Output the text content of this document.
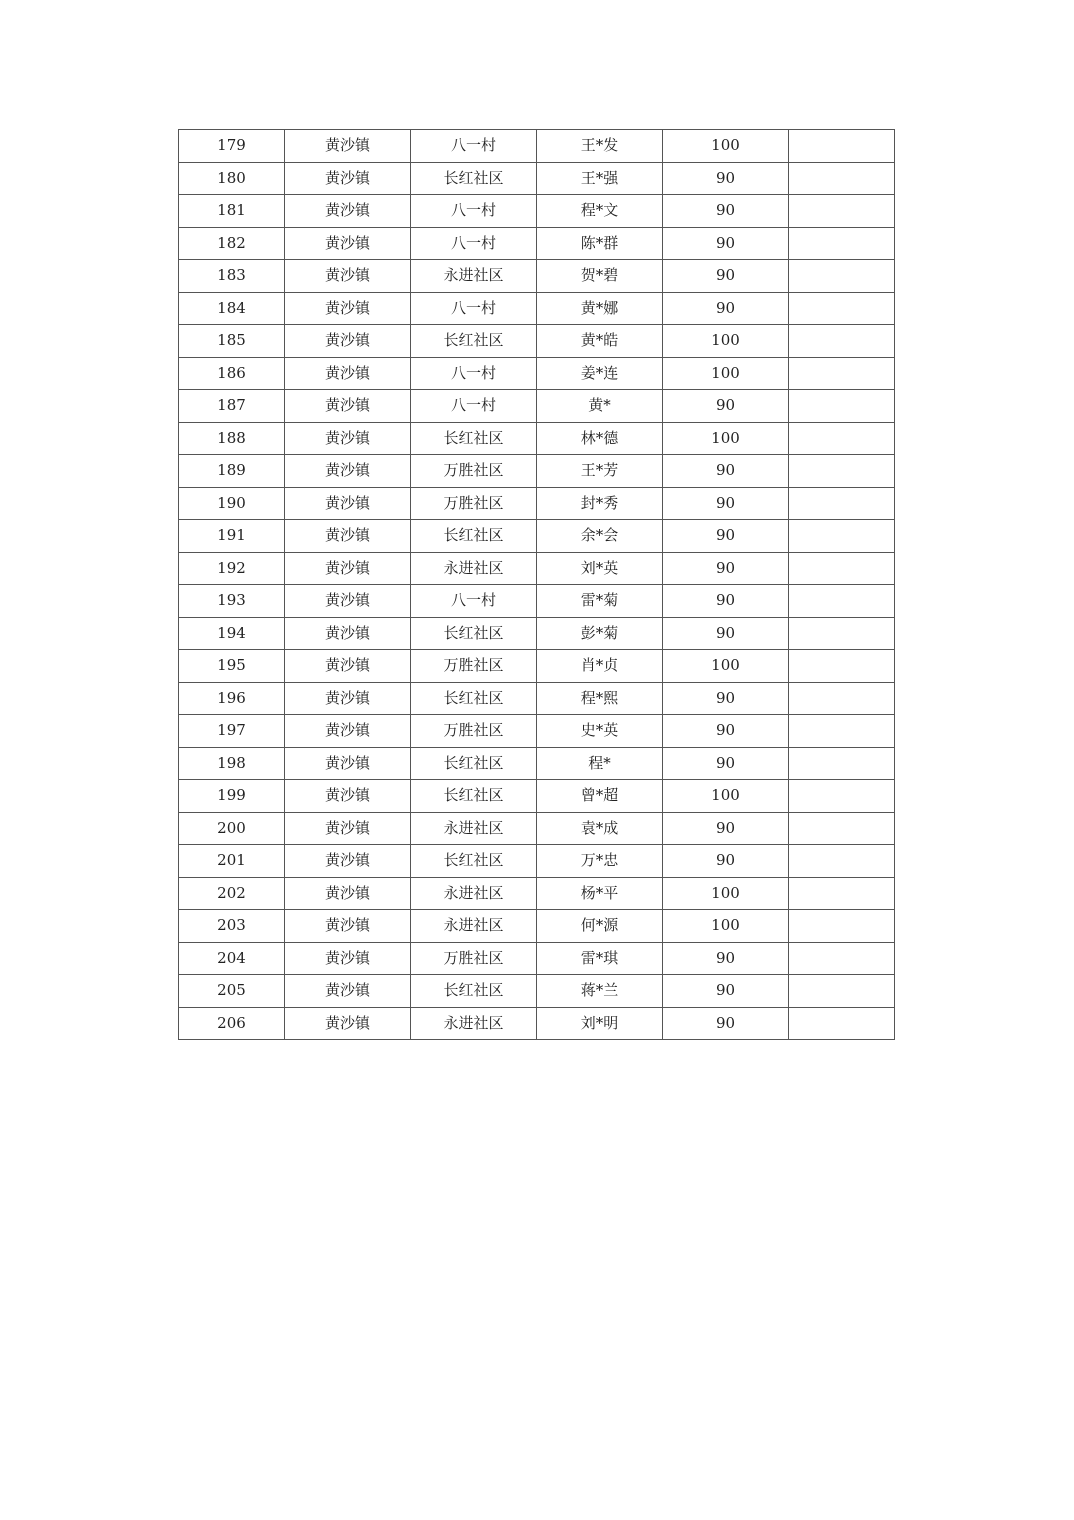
179	黄沙镇	八一村	王*发	100	
180	黄沙镇	长红社区	王*强	90	
181	黄沙镇	八一村	程*文	90	
182	黄沙镇	八一村	陈*群	90	
183	黄沙镇	永进社区	贺*碧	90	
184	黄沙镇	八一村	黄*娜	90	
185	黄沙镇	长红社区	黄*皓	100	
186	黄沙镇	八一村	姜*连	100	
187	黄沙镇	八一村	黄*	90	
188	黄沙镇	长红社区	林*德	100	
189	黄沙镇	万胜社区	王*芳	90	
190	黄沙镇	万胜社区	封*秀	90	
191	黄沙镇	长红社区	余*会	90	
192	黄沙镇	永进社区	刘*英	90	
193	黄沙镇	八一村	雷*菊	90	
194	黄沙镇	长红社区	彭*菊	90	
195	黄沙镇	万胜社区	肖*贞	100	
196	黄沙镇	长红社区	程*熙	90	
197	黄沙镇	万胜社区	史*英	90	
198	黄沙镇	长红社区	程*	90	
199	黄沙镇	长红社区	曾*超	100	
200	黄沙镇	永进社区	袁*成	90	
201	黄沙镇	长红社区	万*忠	90	
202	黄沙镇	永进社区	杨*平	100	
203	黄沙镇	永进社区	何*源	100	
204	黄沙镇	万胜社区	雷*琪	90	
205	黄沙镇	长红社区	蒋*兰	90	
206	黄沙镇	永进社区	刘*明	90	
